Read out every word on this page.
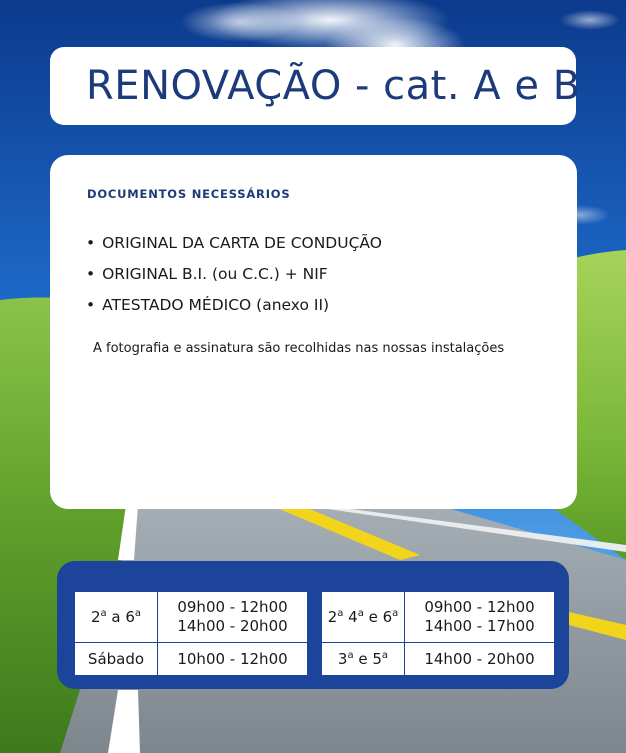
RENOVAÇÃO - cat. A e B

DOCUMENTOS NECESSÁRIOS

• ORIGINAL DA CARTA DE CONDUÇÃO
• ORIGINAL B.I. (ou C.C.) + NIF
• ATESTADO MÉDICO (anexo II)

A fotografia e assinatura são recolhidas nas nossas instalações

2$^a$ a 6$^a$	09h00 - 12h00
14h00 - 20h00
Sábado	10h00 - 12h00
2$^a$ 4$^a$ e 6$^a$	09h00 - 12h00
14h00 - 17h00
3$^a$ e 5$^a$	14h00 - 20h00
